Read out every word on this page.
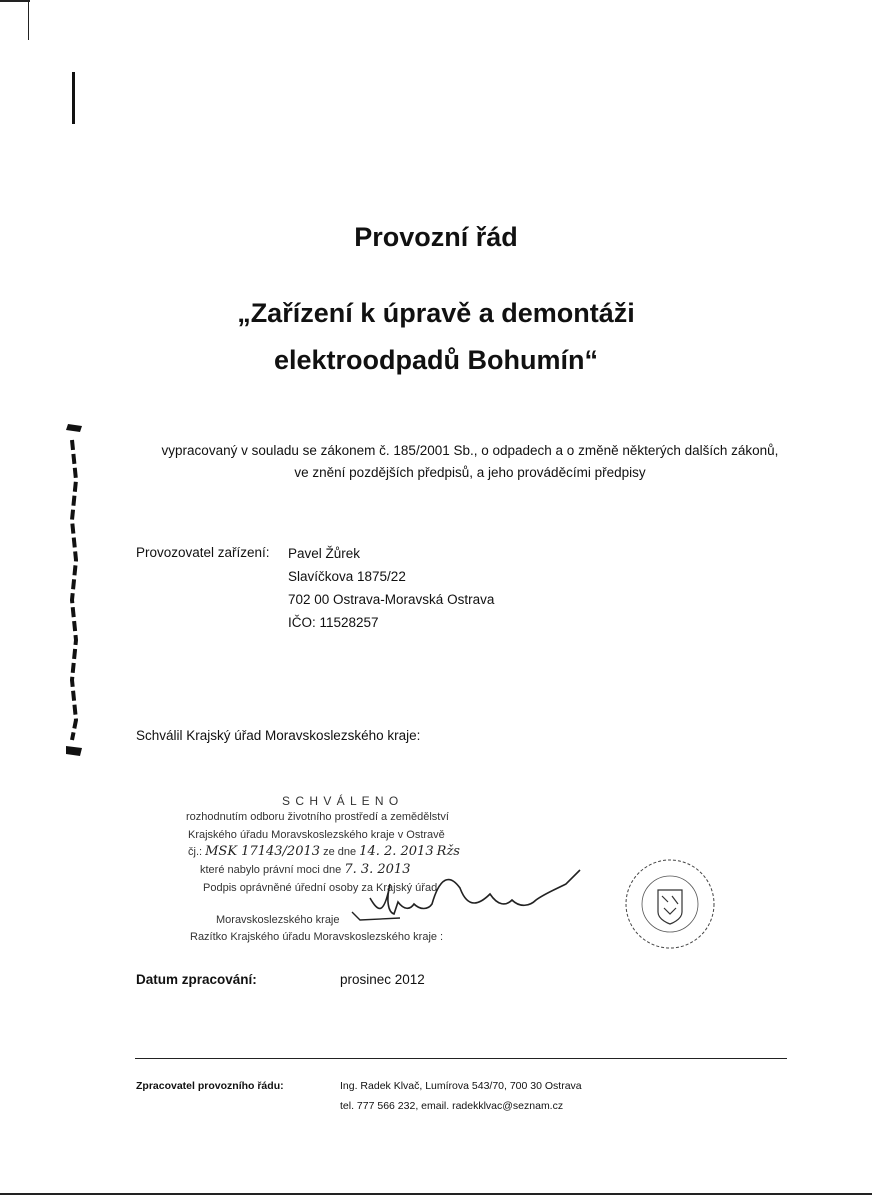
Provozní řád
„Zařízení k úpravě a demontáži
elektroodpadů Bohumín“
vypracovaný v souladu se zákonem č. 185/2001 Sb., o odpadech a o změně některých dalších zákonů,
ve znění pozdějších předpisů, a jeho prováděcími předpisy
Provozovatel zařízení: Pavel Žůrek
Slavíčkova 1875/22
702 00 Ostrava-Moravská Ostrava
IČO: 11528257
Schválil Krajský úřad Moravskoslezského kraje:
S C H V Á L E N O
rozhodnutím odboru životního prostředí a zemědělství
Krajského úřadu Moravskoslezského kraje v Ostravě
čj.: MSK 17143/2013 ze dne 14. 2. 2013 Ržs
které nabylo právní moci dne 7. 3. 2013
Podpis oprávněné úřední osoby za Krajský úřad
Moravskoslezského kraje
Razítko Krajského úřadu Moravskoslezského kraje :
Datum zpracování:	prosinec 2012
Zpracovatel provozního řádu:	Ing. Radek Klvač, Lumírova 543/70, 700 30 Ostrava
tel. 777 566 232, email. radekklvac@seznam.cz
